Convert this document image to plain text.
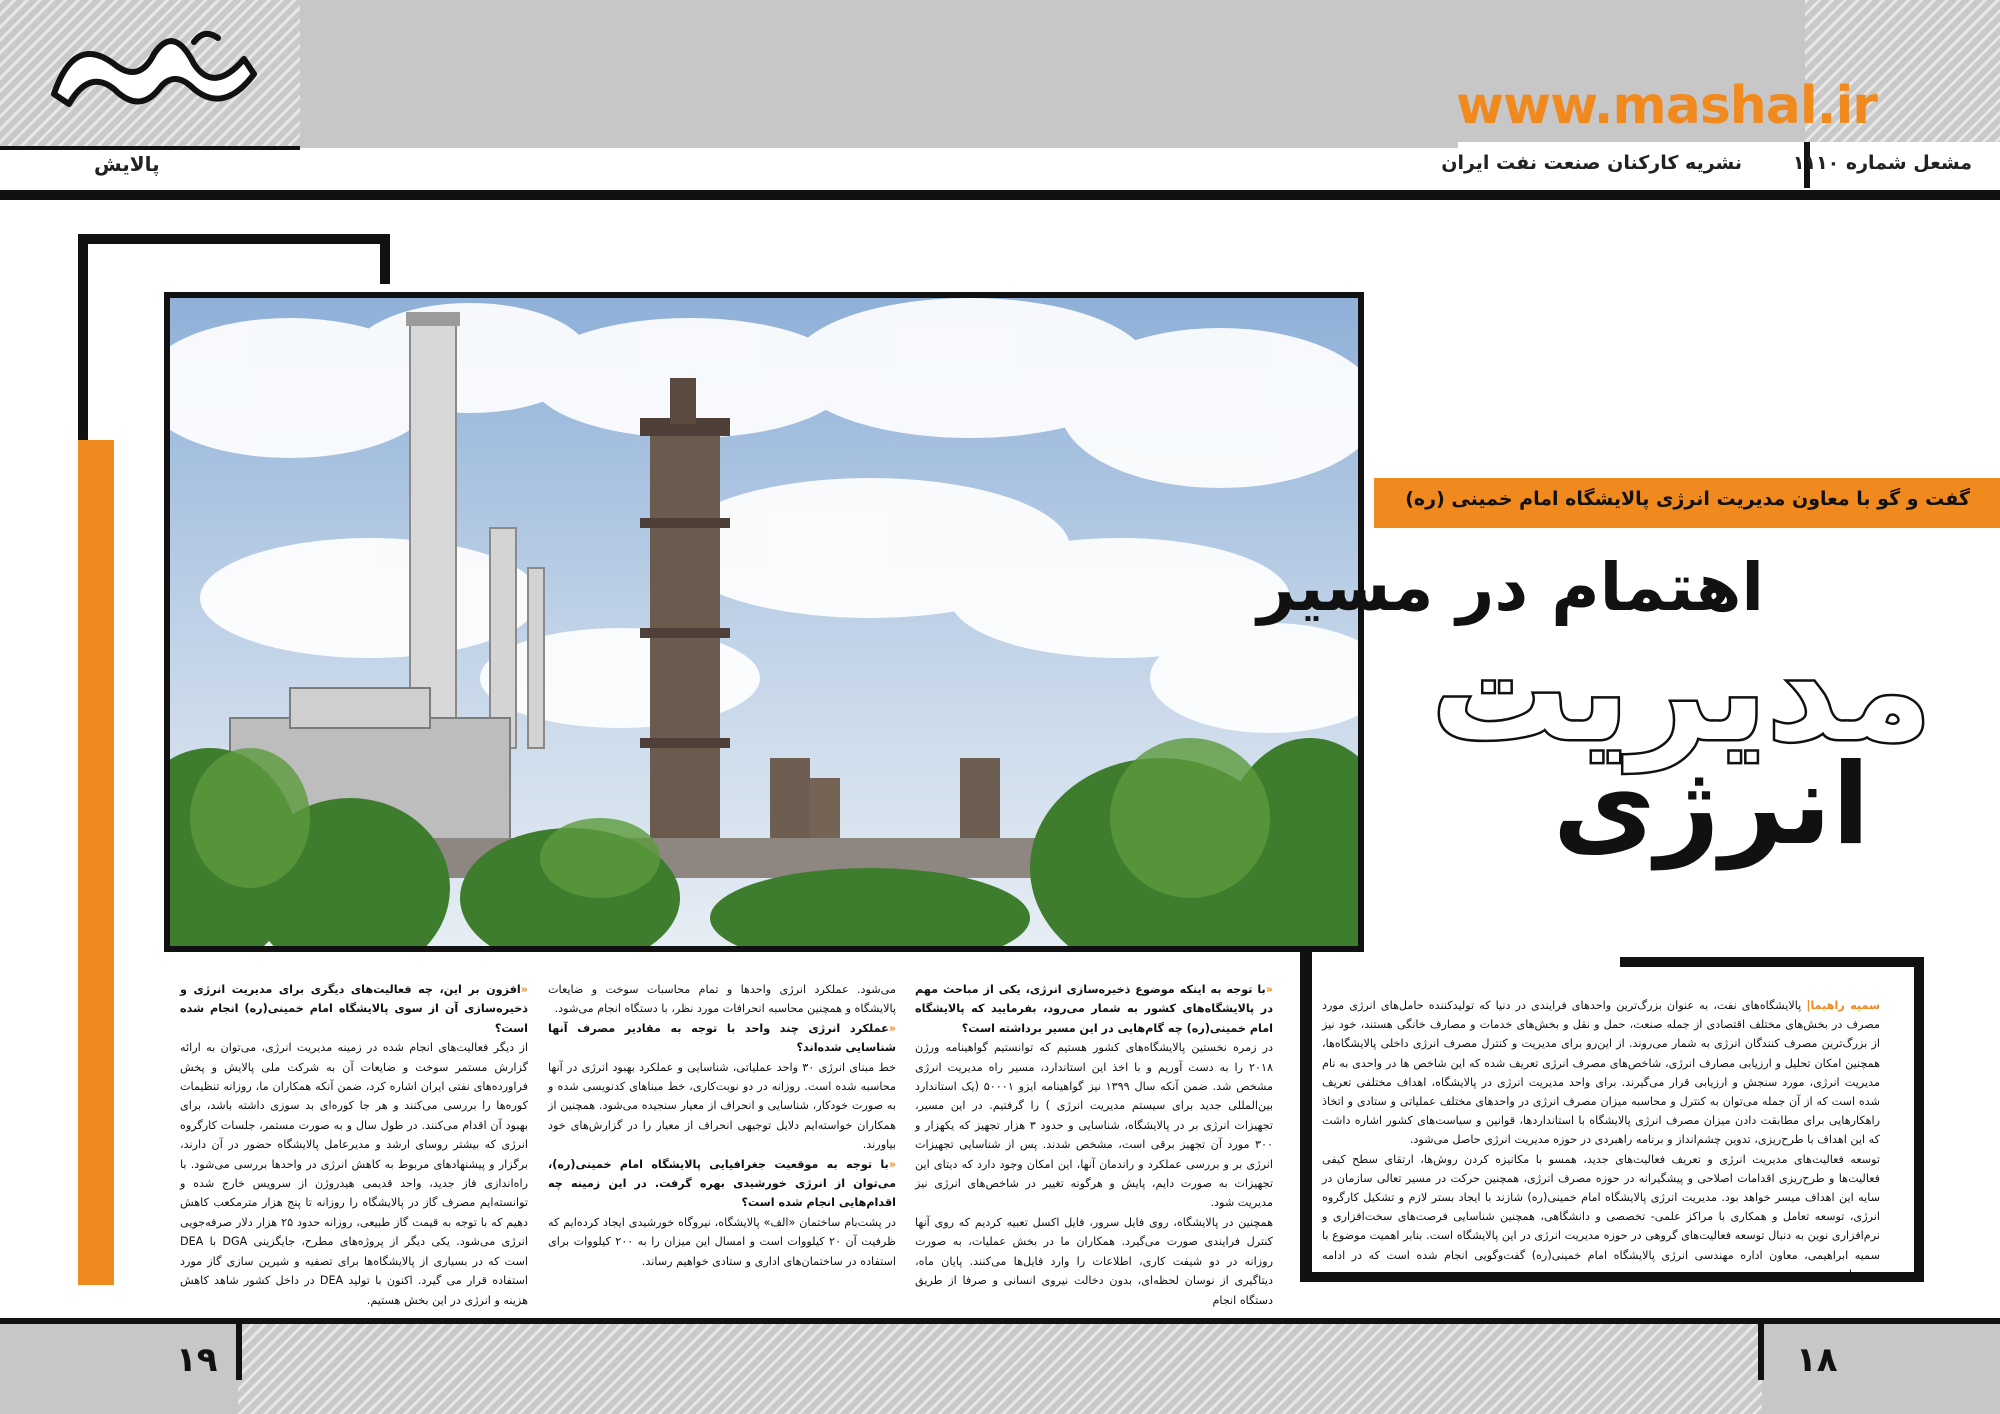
پالایش
www.mashal.ir
نشریه کارکنان صنعت نفت ایران	مشعل شماره ۱۱۱۰
گفت و گو با معاون مدیریت انرژی پالایشگاه امام خمینی (ره)
اهتمام در مسیر
مدیریت
انرژی

سمیه راهیما| پالایشگاه‌های نفت، به عنوان بزرگ‌ترین واحدهای فرایندی در دنیا که تولیدکننده حامل‌های انرژی مورد مصرف در بخش‌های مختلف اقتصادی از جمله صنعت، حمل و نقل و بخش‌های خدمات و مصارف خانگی هستند، خود نیز از بزرگ‌ترین مصرف کنندگان انرژی به شمار می‌روند. از این‌رو برای مدیریت و کنترل مصرف انرژی داخلی پالایشگاه‌ها، همچنین امکان تحلیل و ارزیابی مصارف انرژی، شاخص‌های مصرف انرژی تعریف شده که این شاخص ها در واحدی به نام مدیریت انرژی، مورد سنجش و ارزیابی قرار می‌گیرند. برای واحد مدیریت انرژی در پالایشگاه، اهداف مختلفی تعریف شده است که از آن جمله می‌توان به کنترل و محاسبه میزان مصرف انرژی در واحدهای مختلف عملیاتی و ستادی و اتخاذ راهکارهایی برای مطابقت دادن میزان مصرف انرژی پالایشگاه با استانداردها، قوانین و سیاست‌های کشور اشاره داشت که این اهداف با طرح‌ریزی، تدوین چشم‌انداز و برنامه راهبردی در حوزه مدیریت انرژی حاصل می‌شود.

توسعه فعالیت‌های مدیریت انرژی و تعریف فعالیت‌های جدید، همسو با مکانیزه کردن روش‌ها، ارتقای سطح کیفی فعالیت‌ها و طرح‌ریزی اقدامات اصلاحی و پیشگیرانه در حوزه مصرف انرژی، همچنین حرکت در مسیر تعالی سازمان در سایه این اهداف میسر خواهد بود. مدیریت انرژی پالایشگاه امام خمینی(ره) شازند با ایجاد بستر لازم و تشکیل کارگروه انرژی، توسعه تعامل و همکاری با مراکز علمی- تخصصی و دانشگاهی، همچنین شناسایی فرصت‌های سخت‌افزاری و نرم‌افزاری نوین به دنبال توسعه فعالیت‌های گروهی در حوزه مدیریت انرژی در این پالایشگاه است. بنابر اهمیت موضوع با سمیه ابراهیمی، معاون اداره مهندسی انرژی پالایشگاه امام خمینی(ره) گفت‌وگویی انجام شده است که در ادامه می‌خوانید.

«با توجه به اینکه موضوع ذخیره‌سازی انرژی، یکی از مباحث مهم در پالایشگاه‌های کشور به شمار می‌رود، بفرمایید که پالایشگاه امام خمینی(ره) چه گام‌هایی در این مسیر برداشته است؟

در زمره نخستین پالایشگاه‌های کشور هستیم که توانستیم گواهینامه ورژن ۲۰۱۸ را به دست آوریم و با اخذ این استاندارد، مسیر راه مدیریت انرژی مشخص شد. ضمن آنکه سال ۱۳۹۹ نیز گواهینامه ایزو ۵۰۰۰۱ (یک استاندارد بین‌المللی جدید برای سیستم مدیریت انرژی ) را گرفتیم. در این مسیر، تجهیزات انرژی بر در پالایشگاه، شناسایی و حدود ۳ هزار تجهیز که یکهزار و ۳۰۰ مورد آن تجهیز برقی است، مشخص شدند. پس از شناسایی تجهیزات انرژی بر و بررسی عملکرد و راندمان آنها، این امکان وجود دارد که دیتای این تجهیزات به صورت دایم، پایش و هرگونه تغییر در شاخص‌های انرژی نیز مدیریت شود.

همچنین در پالایشگاه، روی فایل سرور، فایل اکسل تعبیه کردیم که روی آنها کنترل فرایندی صورت می‌گیرد. همکاران ما در بخش عملیات، به صورت روزانه در دو شیفت کاری، اطلاعات را وارد فایل‌ها می‌کنند. پایان ماه، دیتاگیری از نوسان لحظه‌ای، بدون دخالت نیروی انسانی و صرفا از طریق دستگاه انجام

می‌شود. عملکرد انرژی واحدها و تمام محاسبات سوخت و ضایعات پالایشگاه و همچنین محاسبه انحرافات مورد نظر، با دستگاه انجام می‌شود.

«عملکرد انرژی چند واحد با توجه به مقادیر مصرف آنها شناسایی شده‌اند؟

خط مبنای انرژی ۳۰ واحد عملیاتی، شناسایی و عملکرد بهبود انرژی در آنها محاسبه شده است. روزانه در دو نوبت‌کاری، خط مبناهای کدنویسی شده و به صورت خودکار، شناسایی و انحراف از معیار سنجیده می‌شود. همچنین از همکاران خواسته‌ایم دلایل توجیهی انحراف از معیار را در گزارش‌های خود بیاورند.

«با توجه به موقعیت جغرافیایی پالایشگاه امام خمینی(ره)، می‌توان از انرژی خورشیدی بهره گرفت. در این زمینه چه اقدام‌هایی انجام شده است؟

در پشت‌بام ساختمان «الف» پالایشگاه، نیروگاه خورشیدی ایجاد کرده‌ایم که ظرفیت آن ۲۰ کیلووات است و امسال این میزان را به ۲۰۰ کیلووات برای استفاده در ساختمان‌های اداری و ستادی خواهیم رساند.

«افزون بر این، چه فعالیت‌های دیگری برای مدیریت انرژی و ذخیره‌سازی آن از سوی پالایشگاه امام خمینی(ره) انجام شده است؟

از دیگر فعالیت‌های انجام شده در زمینه مدیریت انرژی، می‌توان به ارائه گزارش مستمر سوخت و ضایعات آن به شرکت ملی پالایش و پخش فراورده‌های نفتی ایران اشاره کرد، ضمن آنکه همکاران ما، روزانه تنظیمات کوره‌ها را بررسی می‌کنند و هر جا کوره‌ای بد سوزی داشته باشد، برای بهبود آن اقدام می‌کنند. در طول سال و به صورت مستمر، جلسات کارگروه انرژی که بیشتر روسای ارشد و مدیرعامل پالایشگاه حضور در آن دارند، برگزار و پیشنهادهای مربوط به کاهش انرژی در واحدها بررسی می‌شود. با راه‌اندازی فاز جدید، واحد قدیمی هیدروژن از سرویس خارج شده و توانسته‌ایم مصرف گاز در پالایشگاه را روزانه تا پنج هزار مترمکعب کاهش دهیم که با توجه به قیمت گاز طبیعی، روزانه حدود ۲۵ هزار دلار صرفه‌جویی انرژی می‌شود. یکی دیگر از پروژه‌های مطرح، جایگزینی DGA با DEA است که در بسیاری از پالایشگاه‌ها برای تصفیه و شیرین سازی گاز مورد استفاده قرار می گیرد. اکنون با تولید DEA در داخل کشور شاهد کاهش هزینه و انرژی در این بخش هستیم.

۱۹	۱۸
